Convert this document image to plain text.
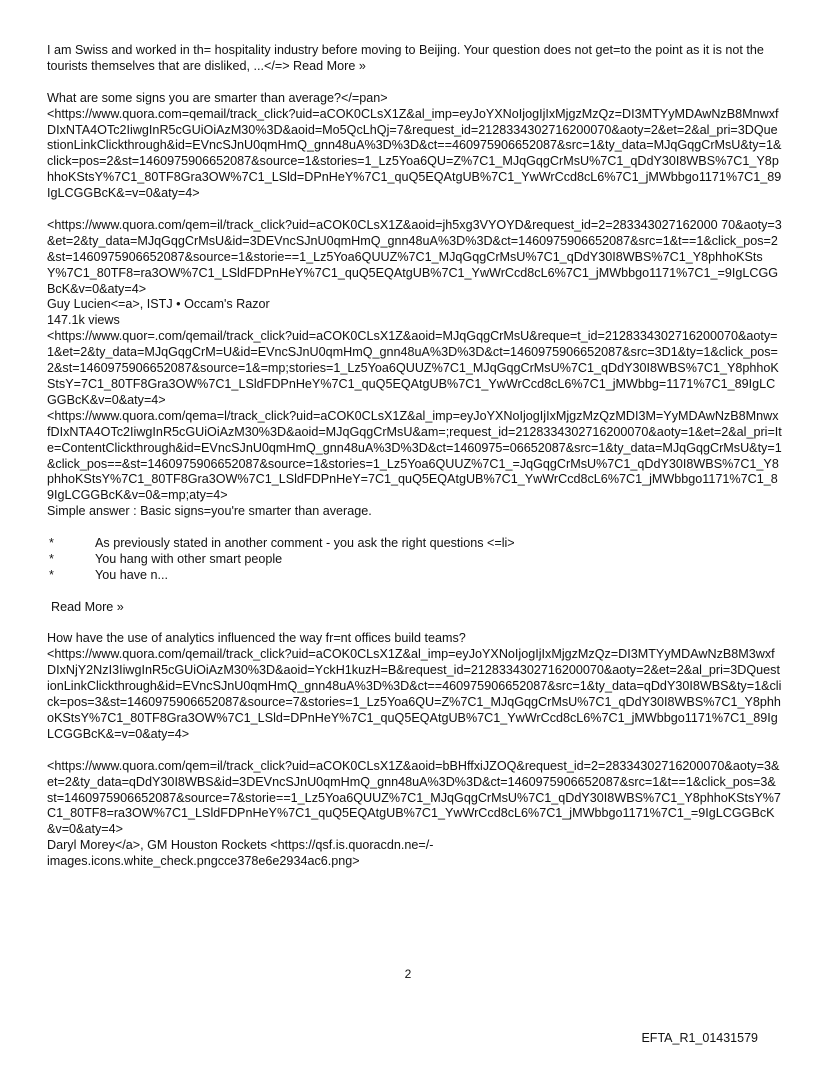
I am Swiss and worked in th= hospitality industry before moving to Beijing. Your question does not get=to the point as it is not the tourists themselves that are disliked, ...</=> Read More »

What are some signs you are smarter than average?</=pan>

<https://www.quora.com=qemail/track_click?uid=aCOK0CLsX1Z&al_imp=eyJoYXNoIjogIjIxMjgzMzQz=DI3MTYyMDAwNzB8MnwxfDIxNTA4OTc2IiwgInR5cGUiOiAzM30%3D&aoid=Mo5QcLhQj=7&request_id=2128334302716200070&aoty=2&et=2&al_pri=3DQuestionLinkClickthrough&id=EVncSJnU0qmHmQ_gnn48uA%3D%3D&ct==460975906652087&src=1&ty_data=MJqGqgCrMsU&ty=1&click=pos=2&st=1460975906652087&source=1&stories=1_Lz5Yoa6QU=Z%7C1_MJqGqgCrMsU%7C1_qDdY30I8WBS%7C1_Y8phhoKStsY%7C1_80TF8Gra3OW%7C1_LSld=DPnHeY%7C1_quQ5EQAtgUB%7C1_YwWrCcd8cL6%7C1_jMWbbgo1171%7C1_89IgLCGGBcK&=v=0&aty=4>

<https://www.quora.com/qem=il/track_click?uid=aCOK0CLsX1Z&aoid=jh5xg3VYOYD&request_id=2=283343027162000 70&aoty=3&et=2&ty_data=MJqGqgCrMsU&id=3DEVncSJnU0qmHmQ_gnn48uA%3D%3D&ct=1460975906652087&src=1&t==1&click_pos=2&st=1460975906652087&source=1&storie==1_Lz5Yoa6QUUZ%7C1_MJqGqgCrMsU%7C1_qDdY30I8WBS%7C1_Y8phhoKStsY%7C1_80TF8=ra3OW%7C1_LSldFDPnHeY%7C1_quQ5EQAtgUB%7C1_YwWrCcd8cL6%7C1_jMWbbgo1171%7C1_=9IgLCGGBcK&v=0&aty=4>

Guy Lucien<=a>, ISTJ • Occam's Razor

147.1k views

<https://www.quor=.com/qemail/track_click?uid=aCOK0CLsX1Z&aoid=MJqGqgCrMsU&reque=t_id=2128334302716200070&aoty=1&et=2&ty_data=MJqGqgCrM=U&id=EVncSJnU0qmHmQ_gnn48uA%3D%3D&ct=1460975906652087&src=3D1&ty=1&click_pos=2&st=1460975906652087&source=1&=mp;stories=1_Lz5Yoa6QUUZ%7C1_MJqGqgCrMsU%7C1_qDdY30I8WBS%7C1_Y8phhoKStsY=7C1_80TF8Gra3OW%7C1_LSldFDPnHeY%7C1_quQ5EQAtgUB%7C1_YwWrCcd8cL6%7C1_jMWbbg=1171%7C1_89IgLCGGBcK&v=0&aty=4>

<https://www.quora.com/qema=l/track_click?uid=aCOK0CLsX1Z&al_imp=eyJoYXNoIjogIjIxMjgzMzQzMDI3M=YyMDAwNzB8MnwxfDIxNTA4OTc2IiwgInR5cGUiOiAzM30%3D&aoid=MJqGqgCrMsU&am=;request_id=2128334302716200070&aoty=1&et=2&al_pri=Ite=ContentClickthrough&id=EVncSJnU0qmHmQ_gnn48uA%3D%3D&ct=1460975=06652087&src=1&ty_data=MJqGqgCrMsU&ty=1&click_pos==&st=1460975906652087&source=1&stories=1_Lz5Yoa6QUUZ%7C1_=JqGqgCrMsU%7C1_qDdY30I8WBS%7C1_Y8phhoKStsY%7C1_80TF8Gra3OW%7C1_LSldFDPnHeY=7C1_quQ5EQAtgUB%7C1_YwWrCcd8cL6%7C1_jMWbbgo1171%7C1_89IgLCGGBcK&v=0&=mp;aty=4>

Simple answer : Basic signs=you're smarter than average.

*	As previously stated in another comment - you ask the right questions <=li>
*	You hang with other smart people
*	You have n...

Read More »

How have the use of analytics influenced the way fr=nt offices build teams?

<https://www.quora.com/qemail/track_click?uid=aCOK0CLsX1Z&al_imp=eyJoYXNoIjogIjIxMjgzMzQz=DI3MTYyMDAwNzB8M3wxfDIxNjY2NzI3IiwgInR5cGUiOiAzM30%3D&aoid=YckH1kuzH=B&request_id=2128334302716200070&aoty=2&et=2&al_pri=3DQuestionLinkClickthrough&id=EVncSJnU0qmHmQ_gnn48uA%3D%3D&ct==460975906652087&src=1&ty_data=qDdY30I8WBS&ty=1&click=pos=3&st=1460975906652087&source=7&stories=1_Lz5Yoa6QU=Z%7C1_MJqGqgCrMsU%7C1_qDdY30I8WBS%7C1_Y8phhoKStsY%7C1_80TF8Gra3OW%7C1_LSld=DPnHeY%7C1_quQ5EQAtgUB%7C1_YwWrCcd8cL6%7C1_jMWbbgo1171%7C1_89IgLCGGBcK&=v=0&aty=4>

<https://www.quora.com/qem=il/track_click?uid=aCOK0CLsX1Z&aoid=bBHffxiJZOQ&request_id=2=28334302716200070&aoty=3&et=2&ty_data=qDdY30I8WBS&id=3DEVncSJnU0qmHmQ_gnn48uA%3D%3D&ct=1460975906652087&src=1&t==1&click_pos=3&st=1460975906652087&source=7&storie==1_Lz5Yoa6QUUZ%7C1_MJqGqgCrMsU%7C1_qDdY30I8WBS%7C1_Y8phhoKStsY%7C1_80TF8=ra3OW%7C1_LSldFDPnHeY%7C1_quQ5EQAtgUB%7C1_YwWrCcd8cL6%7C1_jMWbbgo1171%7C1_=9IgLCGGBcK&v=0&aty=4>

Daryl Morey</a>, GM Houston Rockets <https://qsf.is.quoracdn.ne=/-

images.icons.white_check.pngcce378e6e2934ac6.png>

2
EFTA_R1_01431579
